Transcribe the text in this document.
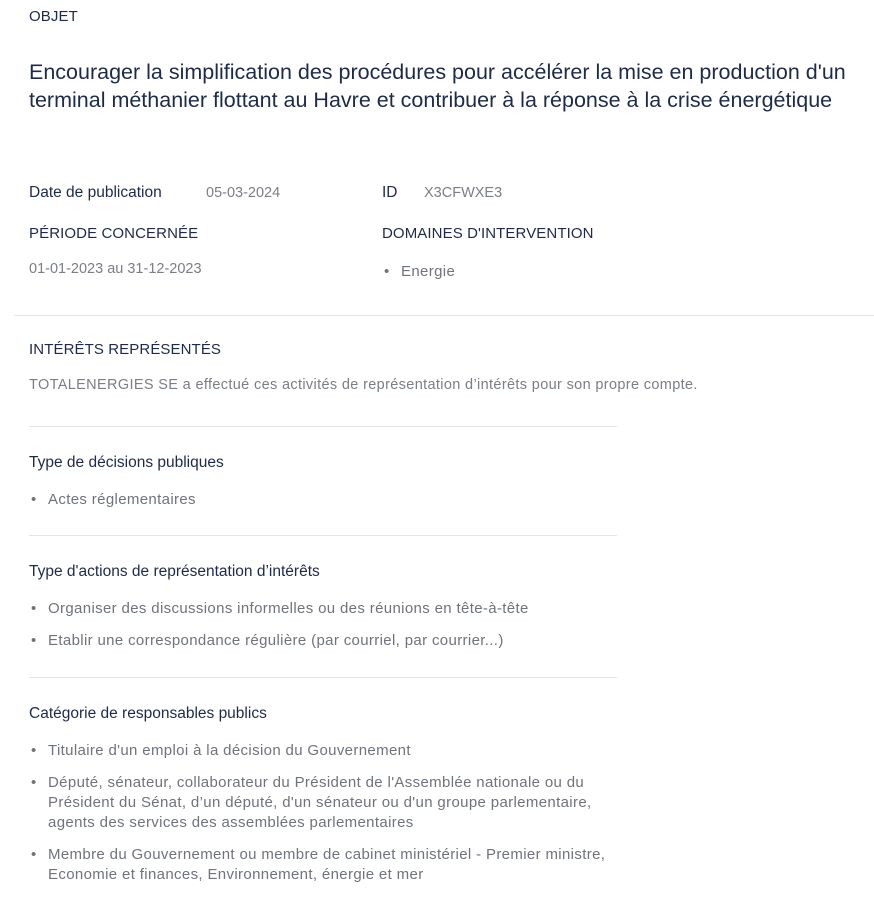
OBJET
Encourager la simplification des procédures pour accélérer la mise en production d'un terminal méthanier flottant au Havre et contribuer à la réponse à la crise énergétique
Date de publication	05-03-2024	ID X3CFWXE3
PÉRIODE CONCERNÉE	DOMAINES D'INTERVENTION
01-01-2023 au 31-12-2023	• Energie
INTÉRÊTS REPRÉSENTÉS
TOTALENERGIES SE a effectué ces activités de représentation d’intérêts pour son propre compte.
Type de décisions publiques
• Actes réglementaires
Type d'actions de représentation d’intérêts
• Organiser des discussions informelles ou des réunions en tête-à-tête
• Etablir une correspondance régulière (par courriel, par courrier...)
Catégorie de responsables publics
• Titulaire d'un emploi à la décision du Gouvernement
• Député, sénateur, collaborateur du Président de l'Assemblée nationale ou du Président du Sénat, d’un député, d'un sénateur ou d'un groupe parlementaire, agents des services des assemblées parlementaires
• Membre du Gouvernement ou membre de cabinet ministériel - Premier ministre, Economie et finances, Environnement, énergie et mer
